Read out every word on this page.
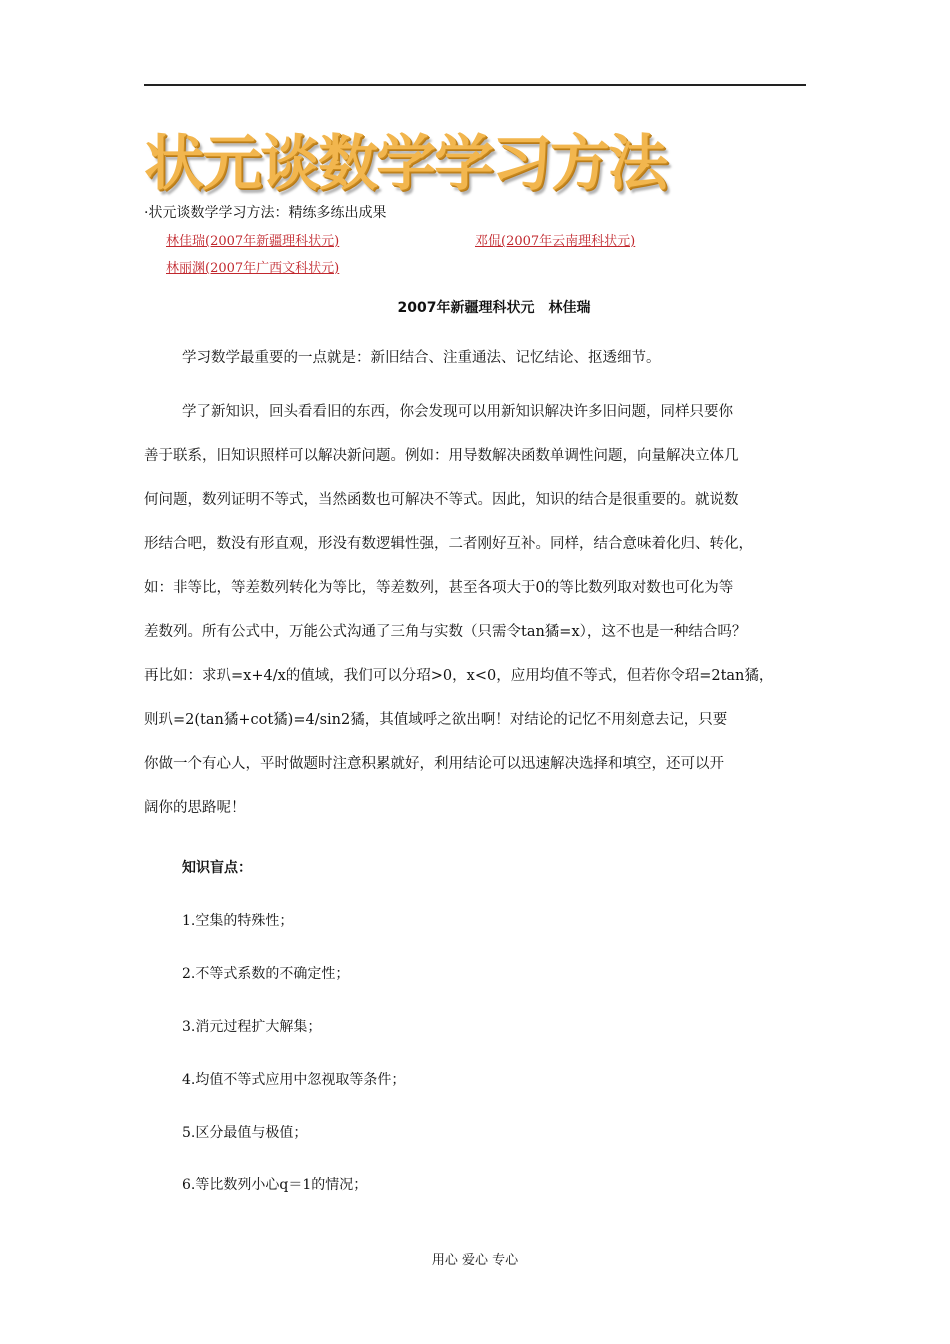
状元谈数学学习方法
·状元谈数学学习方法：精练多练出成果
林佳瑞(2007年新疆理科状元)	邓侃(2007年云南理科状元)
林丽渊(2007年广西文科状元)
2007年新疆理科状元　林佳瑞
学习数学最重要的一点就是：新旧结合、注重通法、记忆结论、抠透细节。
学了新知识，回头看看旧的东西，你会发现可以用新知识解决许多旧问题，同样只要你
善于联系，旧知识照样可以解决新问题。例如：用导数解决函数单调性问题，向量解决立体几
何问题，数列证明不等式，当然函数也可解决不等式。因此，知识的结合是很重要的。就说数
形结合吧，数没有形直观，形没有数逻辑性强，二者刚好互补。同样，结合意味着化归、转化，
如：非等比，等差数列转化为等比，等差数列，甚至各项大于0的等比数列取对数也可化为等
差数列。所有公式中，万能公式沟通了三角与实数（只需令tan獝=x），这不也是一种结合吗？
再比如：求玐=x+4/x的值域，我们可以分玿>0，x<0，应用均值不等式，但若你令玿=2tan獝，
则玐=2(tan獝+cot獝)=4/sin2獝，其值域呼之欲出啊！对结论的记忆不用刻意去记，只要
你做一个有心人，平时做题时注意积累就好，利用结论可以迅速解决选择和填空，还可以开
阔你的思路呢！
知识盲点：
1.空集的特殊性；
2.不等式系数的不确定性；
3.消元过程扩大解集；
4.均值不等式应用中忽视取等条件；
5.区分最值与极值；
6.等比数列小心q＝1的情况；
用心 爱心 专心
